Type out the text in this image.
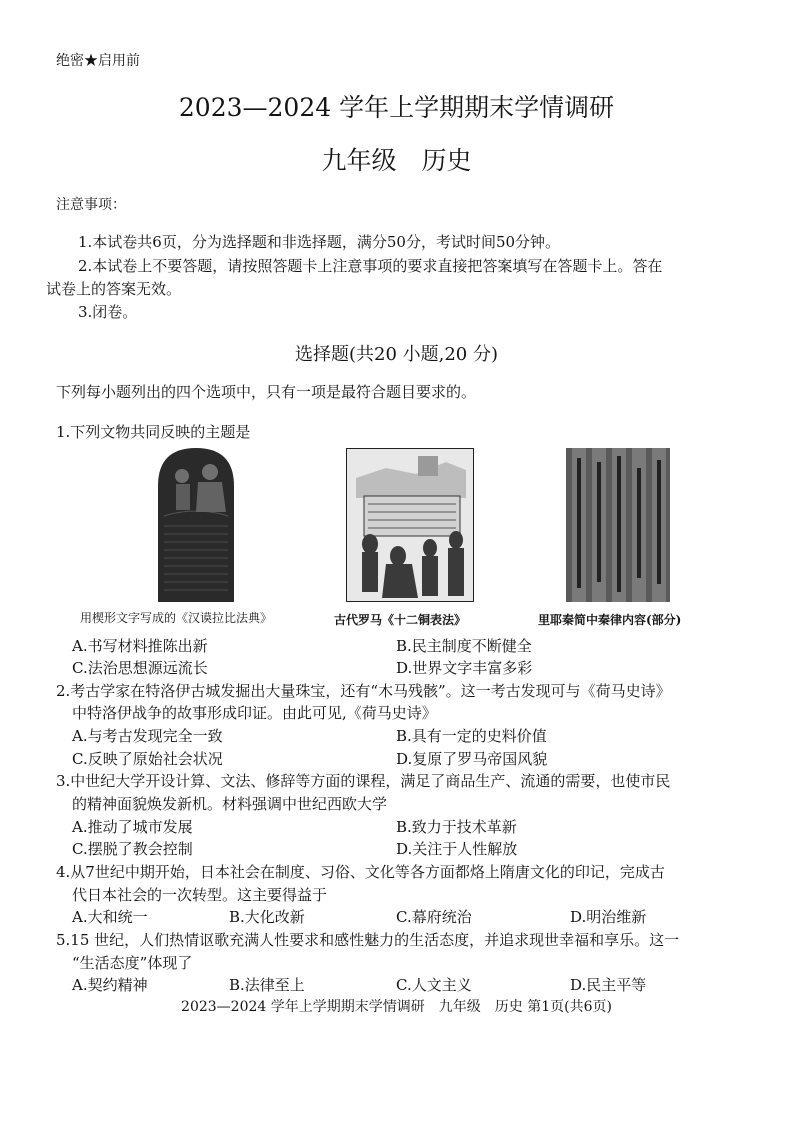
绝密★启用前
2023—2024 学年上学期期末学情调研
九年级　历史
注意事项：
1.本试卷共6页，分为选择题和非选择题，满分50分，考试时间50分钟。
2.本试卷上不要答题，请按照答题卡上注意事项的要求直接把答案填写在答题卡上。答在
试卷上的答案无效。
3.闭卷。
选择题(共20 小题,20 分)
下列每小题列出的四个选项中，只有一项是最符合题目要求的。
1.下列文物共同反映的主题是
用楔形文字写成的《汉谟拉比法典》	古代罗马《十二铜表法》	里耶秦简中秦律内容(部分)
A.书写材料推陈出新	B.民主制度不断健全
C.法治思想源远流长	D.世界文字丰富多彩
2.考古学家在特洛伊古城发掘出大量珠宝，还有“木马残骸”。这一考古发现可与《荷马史诗》
中特洛伊战争的故事形成印证。由此可见,《荷马史诗》
A.与考古发现完全一致	B.具有一定的史料价值
C.反映了原始社会状况	D.复原了罗马帝国风貌
3.中世纪大学开设计算、文法、修辞等方面的课程，满足了商品生产、流通的需要，也使市民
的精神面貌焕发新机。材料强调中世纪西欧大学
A.推动了城市发展	B.致力于技术革新
C.摆脱了教会控制	D.关注于人性解放
4.从7世纪中期开始，日本社会在制度、习俗、文化等各方面都烙上隋唐文化的印记，完成古
代日本社会的一次转型。这主要得益于
A.大和统一	B.大化改新	C.幕府统治	D.明治维新
5.15 世纪，人们热情讴歌充满人性要求和感性魅力的生活态度，并追求现世幸福和享乐。这一
“生活态度”体现了
A.契约精神	B.法律至上	C.人文主义	D.民主平等
2023—2024 学年上学期期末学情调研　九年级　历史 第1页(共6页)
